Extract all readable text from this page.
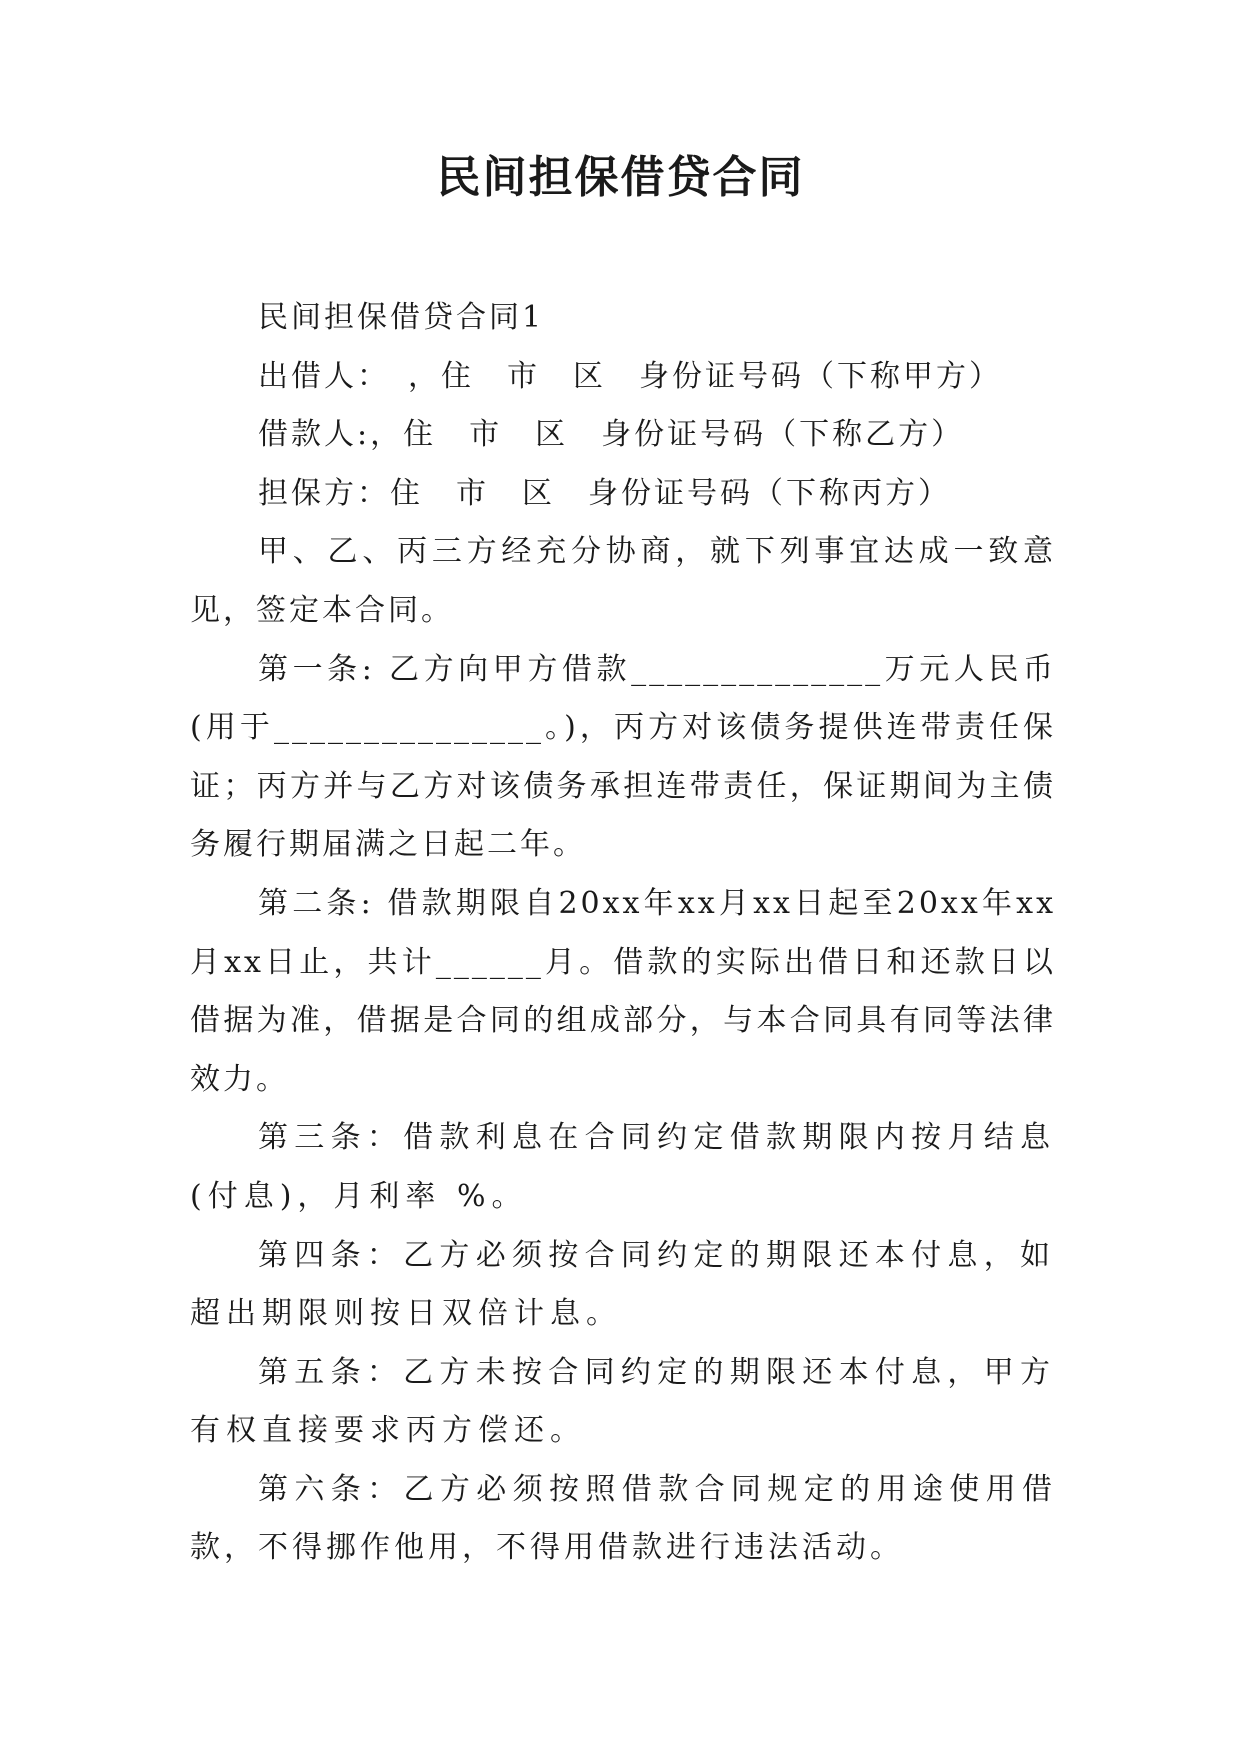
民间担保借贷合同

民间担保借贷合同1

出借人：　，住　市　区　身份证号码（下称甲方）

借款人:，住　市　区　身份证号码（下称乙方）

担保方：住　市　区　身份证号码（下称丙方）

甲、乙、丙三方经充分协商，就下列事宜达成一致意见，签定本合同。

第一条: 乙方向甲方借款______________万元人民币(用于_______________。)，丙方对该债务提供连带责任保证；丙方并与乙方对该债务承担连带责任，保证期间为主债务履行期届满之日起二年。

第二条: 借款期限自20xx年xx月xx日起至20xx年xx月xx日止，共计______月。借款的实际出借日和还款日以借据为准，借据是合同的组成部分，与本合同具有同等法律效力。

第三条：借款利息在合同约定借款期限内按月结息(付息)，月利率 %。

第四条：乙方必须按合同约定的期限还本付息，如超出期限则按日双倍计息。

第五条：乙方未按合同约定的期限还本付息，甲方有权直接要求丙方偿还。

第六条：乙方必须按照借款合同规定的用途使用借款，不得挪作他用，不得用借款进行违法活动。
